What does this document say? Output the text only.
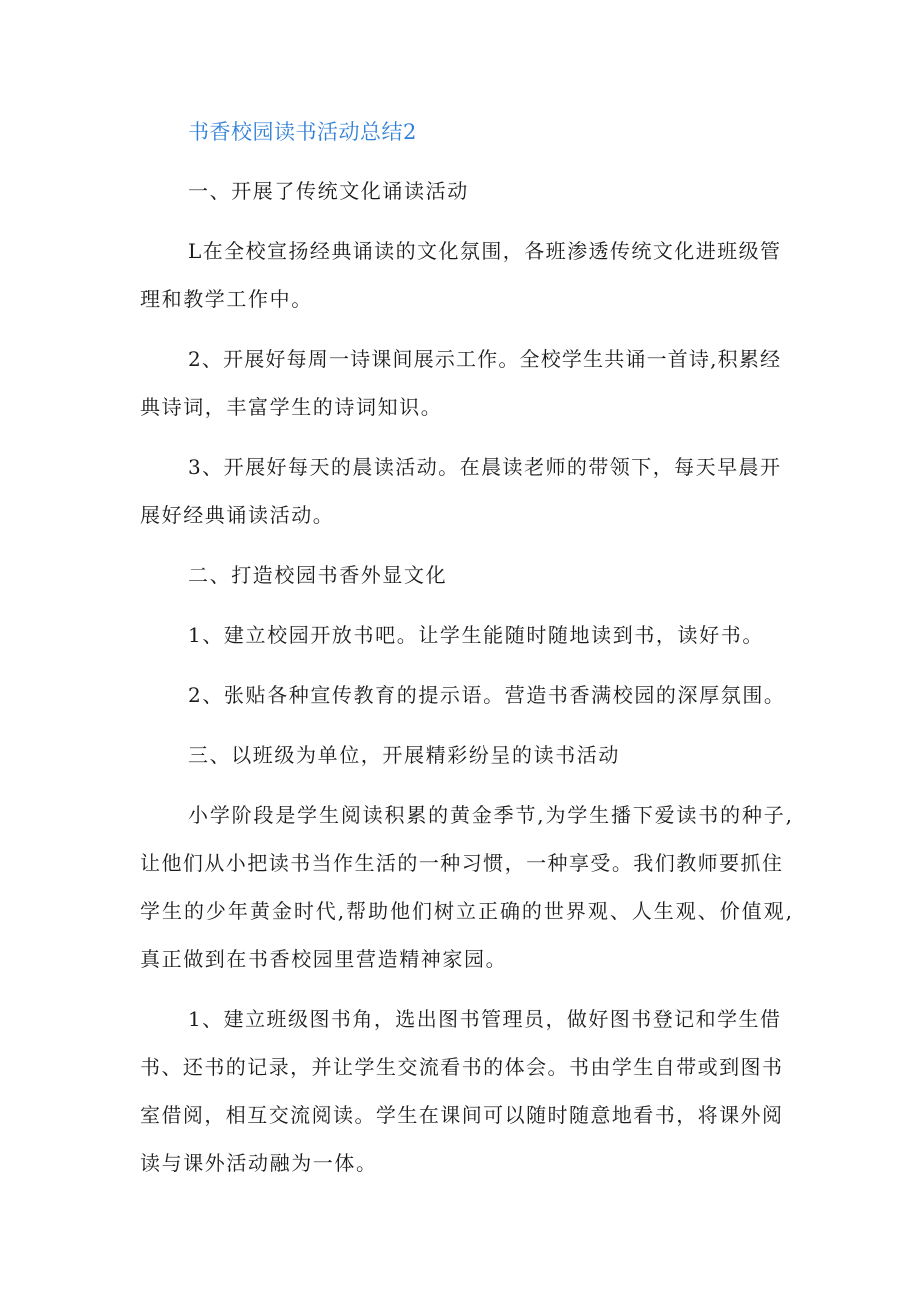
书香校园读书活动总结2
一、开展了传统文化诵读活动
L在全校宣扬经典诵读的文化氛围，各班渗透传统文化进班级管
理和教学工作中。
2、开展好每周一诗课间展示工作。全校学生共诵一首诗,积累经
典诗词，丰富学生的诗词知识。
3、开展好每天的晨读活动。在晨读老师的带领下，每天早晨开
展好经典诵读活动。
二、打造校园书香外显文化
1、建立校园开放书吧。让学生能随时随地读到书，读好书。
2、张贴各种宣传教育的提示语。营造书香满校园的深厚氛围。
三、以班级为单位，开展精彩纷呈的读书活动
小学阶段是学生阅读积累的黄金季节,为学生播下爱读书的种子,
让他们从小把读书当作生活的一种习惯，一种享受。我们教师要抓住
学生的少年黄金时代,帮助他们树立正确的世界观、人生观、价值观,
真正做到在书香校园里营造精神家园。
1、建立班级图书角，选出图书管理员，做好图书登记和学生借
书、还书的记录，并让学生交流看书的体会。书由学生自带或到图书
室借阅，相互交流阅读。学生在课间可以随时随意地看书，将课外阅
读与课外活动融为一体。
